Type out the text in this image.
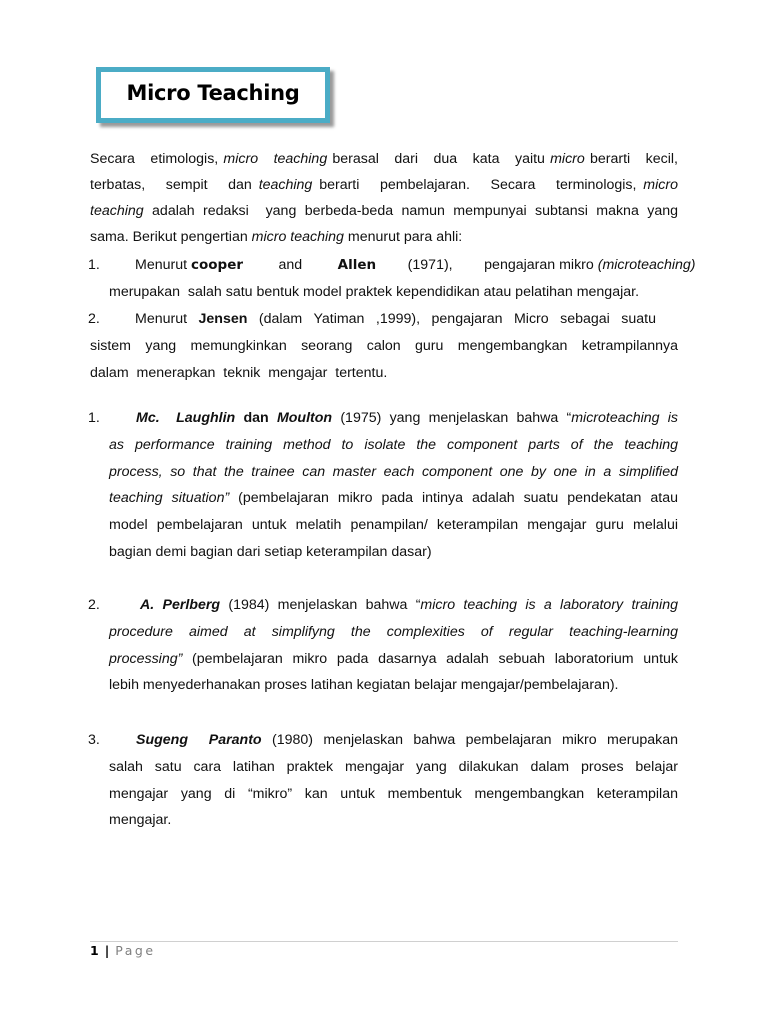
Micro Teaching
Secara   etimologis, micro   teaching berasal   dari   dua   kata   yaitu micro berarti   kecil,
terbatas,   sempit   dan teaching berarti   pembelajaran.   Secara   terminologis, micro
teaching adalah redaksi  yang berbeda-beda namun mempunyai subtansi makna yang
sama. Berikut pengertian micro teaching menurut para ahli:
1. Menurut cooper         and         Allen        (1971),        pengajaran mikro (microteaching)
merupakan  salah satu bentuk model praktek kependidikan atau pelatihan mengajar.
2. Menurut Jensen (dalam Yatiman ,1999), pengajaran Micro sebagai suatu
sistem yang memungkinkan seorang calon guru mengembangkan ketrampilannya
dalam  menerapkan  teknik  mengajar  tertentu.
1.	Mc.  Laughlin dan Moulton (1975) yang menjelaskan bahwa “microteaching is
as performance training method to isolate the component parts of the teaching
process, so that the trainee can master each component one by one in a simplified
teaching situation” (pembelajaran mikro pada intinya adalah suatu pendekatan atau
model pembelajaran untuk melatih penampilan/ keterampilan mengajar guru melalui
bagian demi bagian dari setiap keterampilan dasar)
2.	A. Perlberg (1984) menjelaskan bahwa “micro teaching is a laboratory training
procedure aimed at simplifyng the complexities of regular teaching-learning
processing” (pembelajaran mikro pada dasarnya adalah sebuah laboratorium untuk
lebih menyederhanakan proses latihan kegiatan belajar mengajar/pembelajaran).
3.	Sugeng  Paranto (1980) menjelaskan bahwa pembelajaran mikro merupakan
salah satu cara latihan praktek mengajar yang dilakukan dalam proses belajar
mengajar yang di “mikro” kan untuk membentuk mengembangkan keterampilan
mengajar.
1 | Page
